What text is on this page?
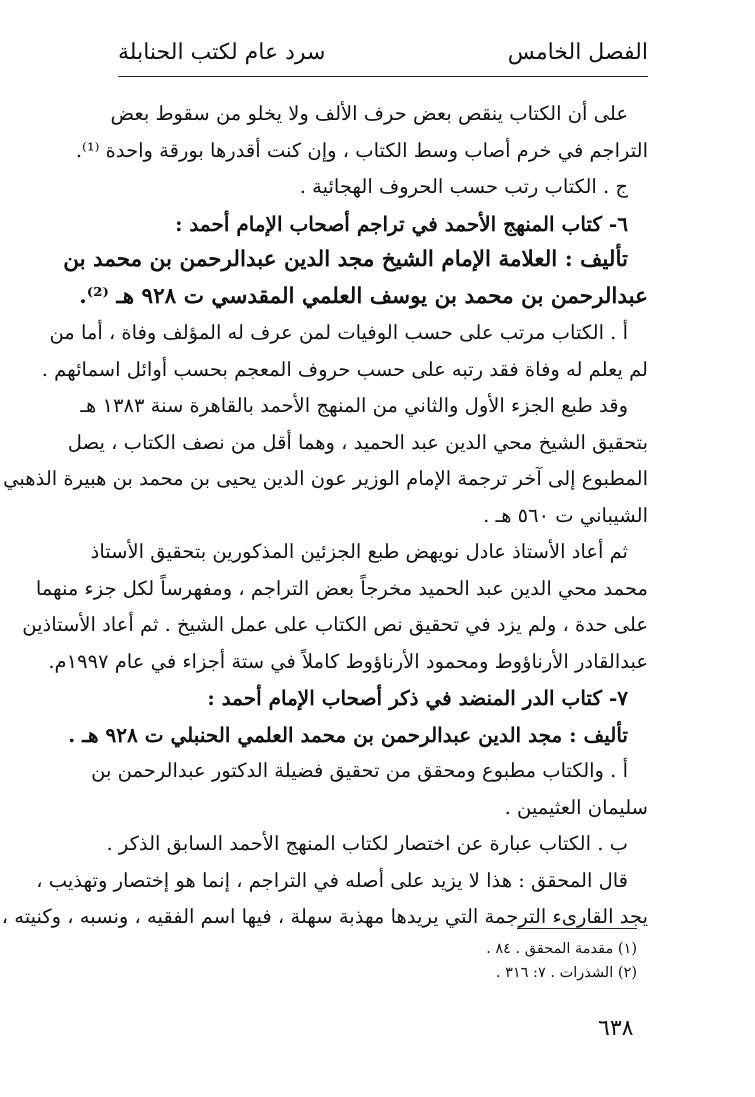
الفصل الخامس
سرد عام لكتب الحنابلة
على أن الكتاب ينقص بعض حرف الألف ولا يخلو من سقوط بعض
التراجم في خرم أصاب وسط الكتاب ، وإن كنت أقدرها بورقة واحدة ⁽¹⁾.
ج . الكتاب رتب حسب الحروف الهجائية .
٦- كتاب المنهج الأحمد في تراجم أصحاب الإمام أحمد :
تأليف : العلامة الإمام الشيخ مجد الدين عبدالرحمن بن محمد بن
عبدالرحمن بن محمد بن يوسف العلمي المقدسي ت ٩٢٨ هـ ⁽²⁾.
أ . الكتاب مرتب على حسب الوفيات لمن عرف له المؤلف وفاة ، أما من
لم يعلم له وفاة فقد رتبه على حسب حروف المعجم بحسب أوائل اسمائهم .
وقد طبع الجزء الأول والثاني من المنهج الأحمد بالقاهرة سنة ١٣٨٣ هـ
بتحقيق الشيخ محي الدين عبد الحميد ، وهما أقل من نصف الكتاب ، يصل
المطبوع إلى آخر ترجمة الإمام الوزير عون الدين يحيى بن محمد بن هبيرة الذهبي
الشيباني ت ٥٦٠ هـ .
ثم أعاد الأستاذ عادل نويهض طبع الجزئين المذكورين بتحقيق الأستاذ
محمد محي الدين عبد الحميد مخرجاً بعض التراجم ، ومفهرساً لكل جزء منهما
على حدة ، ولم يزد في تحقيق نص الكتاب على عمل الشيخ . ثم أعاد الأستاذين
عبدالقادر الأرناؤوط ومحمود الأرناؤوط كاملاً في ستة أجزاء في عام ١٩٩٧م.
٧- كتاب الدر المنضد في ذكر أصحاب الإمام أحمد :
تأليف : مجد الدين عبدالرحمن بن محمد العلمي الحنبلي ت ٩٢٨ هـ .
أ . والكتاب مطبوع ومحقق من تحقيق فضيلة الدكتور عبدالرحمن بن
سليمان العثيمين .
ب . الكتاب عبارة عن اختصار لكتاب المنهج الأحمد السابق الذكر .
قال المحقق : هذا لا يزيد على أصله في التراجم ، إنما هو إختصار وتهذيب ،
يجد القارىء الترجمة التي يريدها مهذبة سهلة ، فيها اسم الفقيه ، ونسبه ، وكنيته ،
(١) مقدمة المحقق . ٨٤ .
(٢) الشذرات . ٧: ٣١٦ .
٦٣٨
